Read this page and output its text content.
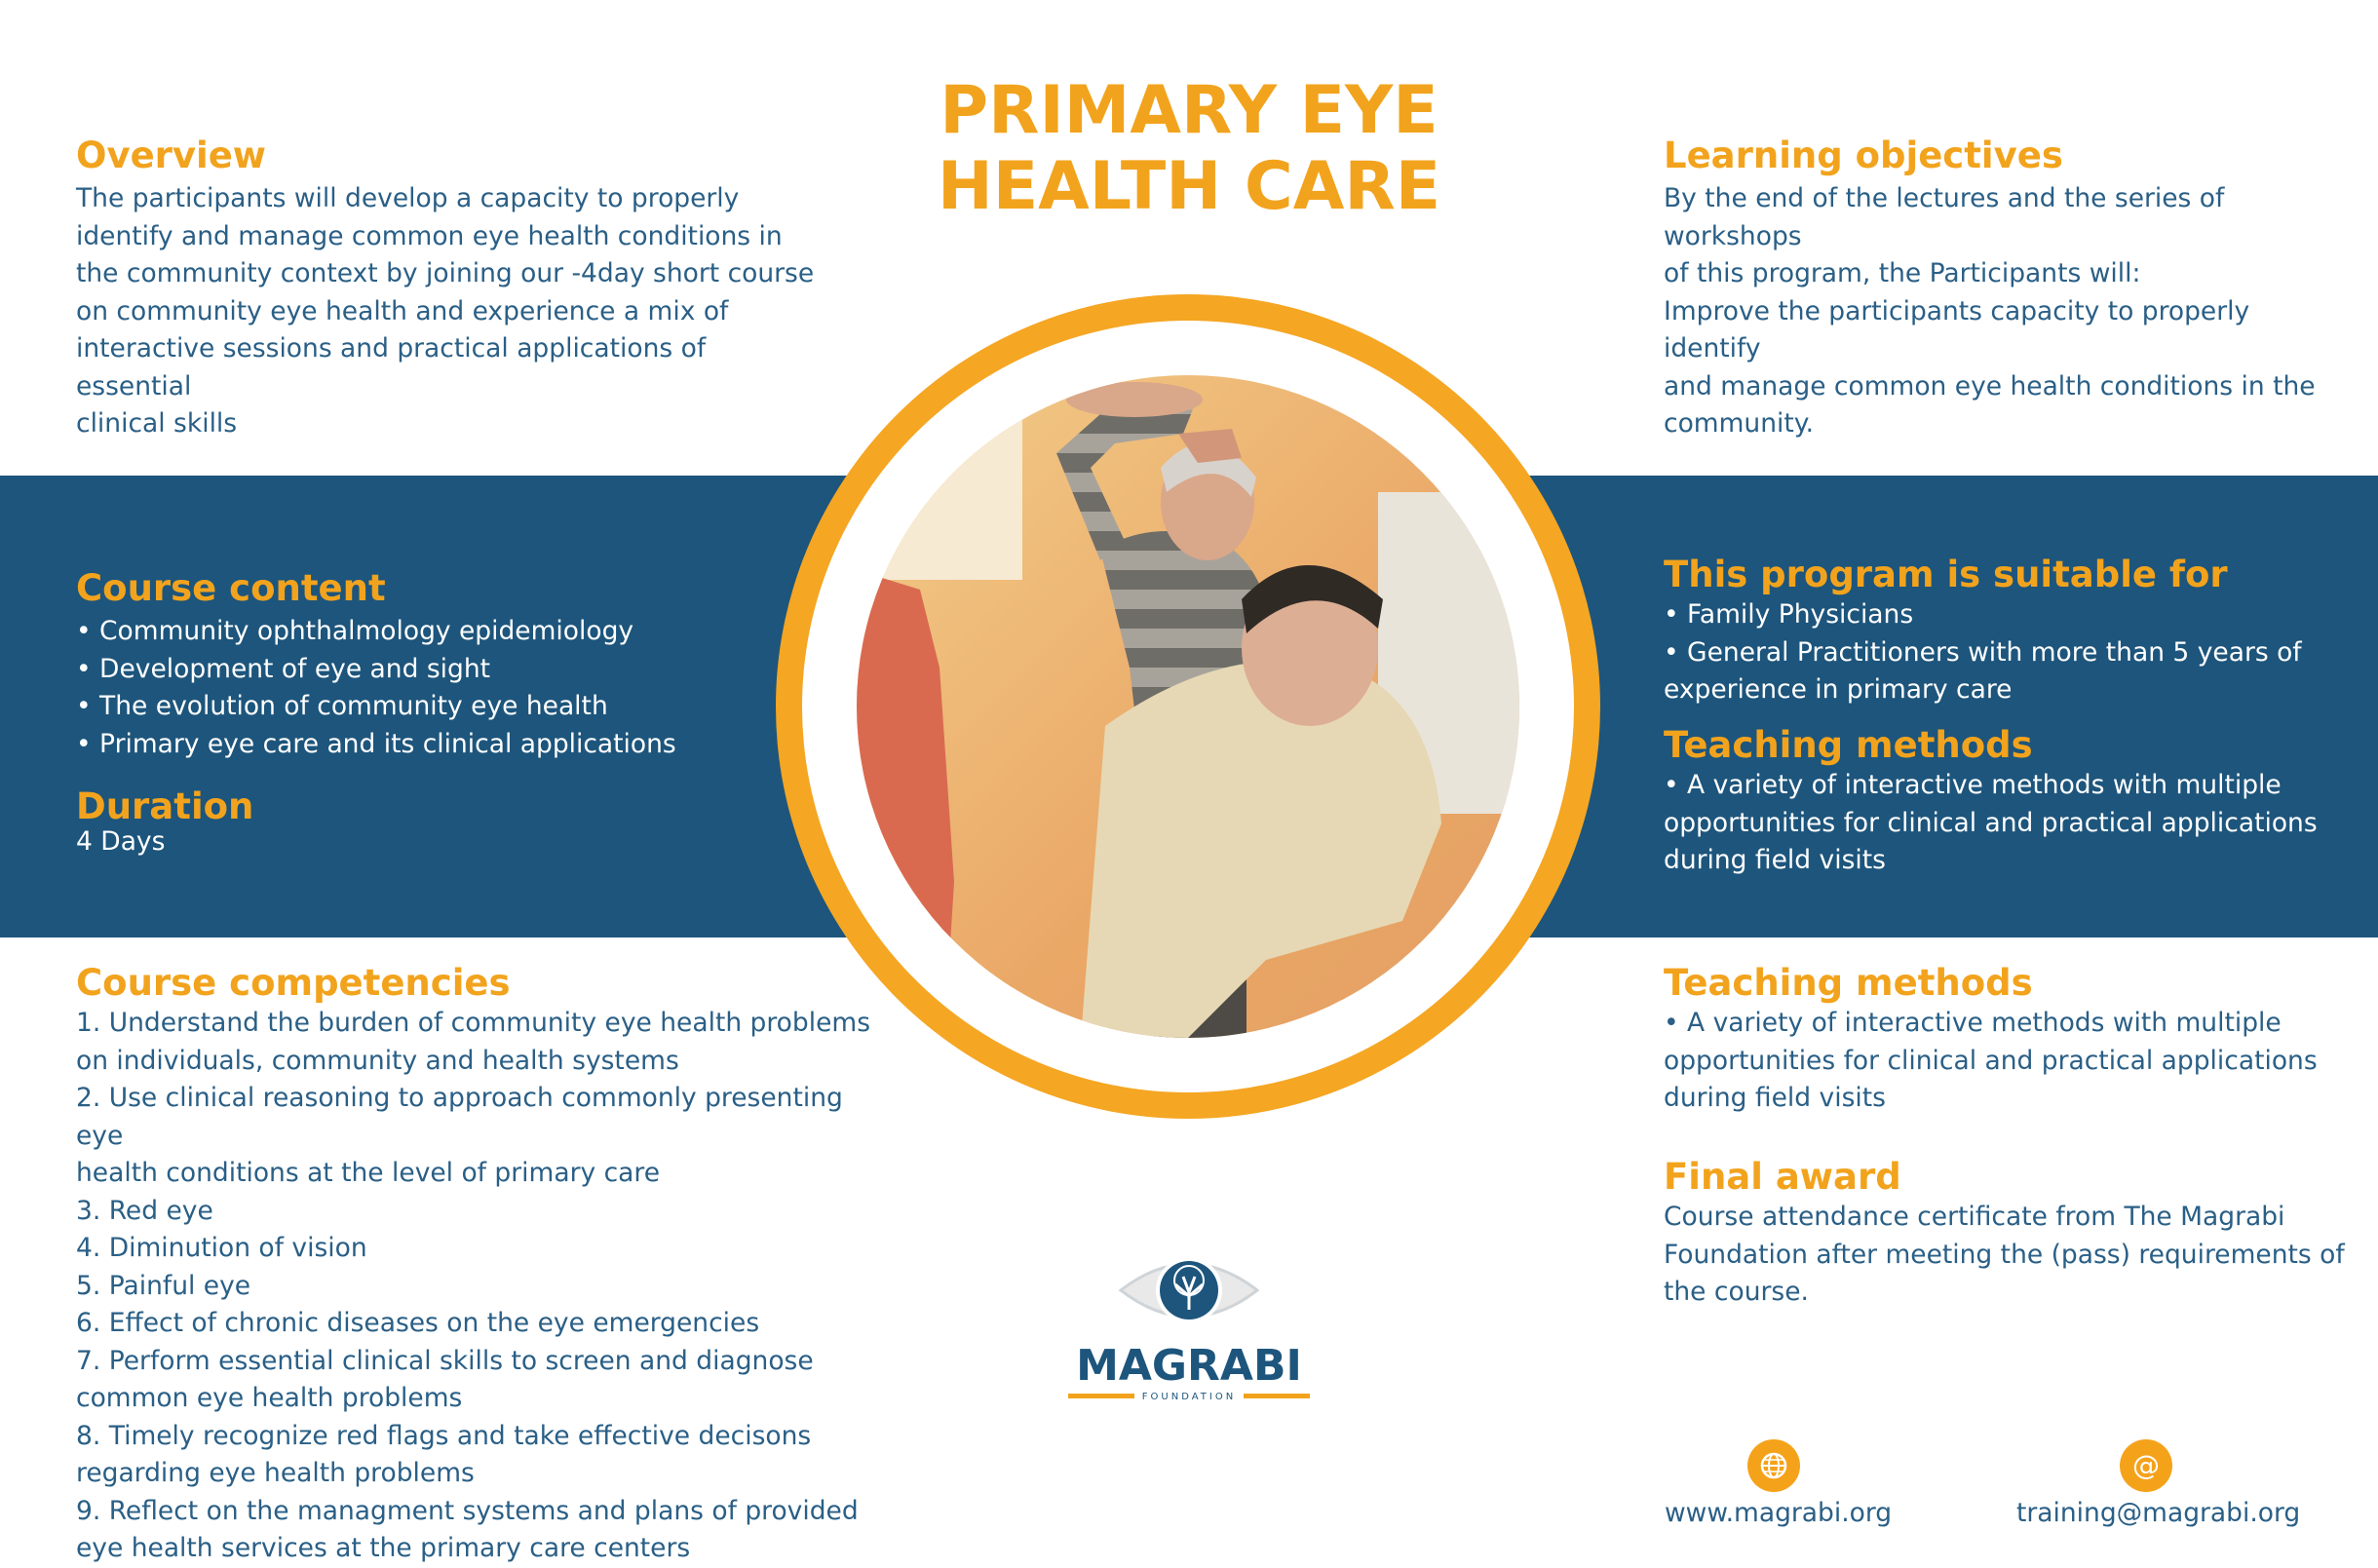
PRIMARY EYE
HEALTH CARE
Overview
The participants will develop a capacity to properly
identify and manage common eye health conditions in
the community context by joining our -4day short course
on community eye health and experience a mix of
interactive sessions and practical applications of essential
clinical skills
Learning objectives
By the end of the lectures and the series of workshops
of this program, the Participants will:
Improve the participants capacity to properly identify
and manage common eye health conditions in the
community.
Course content
• Community ophthalmology epidemiology
• Development of eye and sight
• The evolution of community eye health
• Primary eye care and its clinical applications
Duration
4 Days
This program is suitable for
• Family Physicians
• General Practitioners with more than 5 years of
experience in primary care
Teaching methods
• A variety of interactive methods with multiple
opportunities for clinical and practical applications
during field visits
Course competencies
1. Understand the burden of community eye health problems
on individuals, community and health systems
2. Use clinical reasoning to approach commonly presenting eye
health conditions at the level of primary care
3. Red eye
4. Diminution of vision
5. Painful eye
6. Effect of chronic diseases on the eye emergencies
7. Perform essential clinical skills to screen and diagnose
common eye health problems
8. Timely recognize red flags and take effective decisons
regarding eye health problems
9. Reflect on the managment systems and plans of provided
eye health services at the primary care centers
Teaching methods
• A variety of interactive methods with multiple
opportunities for clinical and practical applications
during field visits
Final award
Course attendance certificate from The Magrabi
Foundation after meeting the (pass) requirements of
the course.
MAGRABI
FOUNDATION
www.magrabi.org
@
training@magrabi.org
